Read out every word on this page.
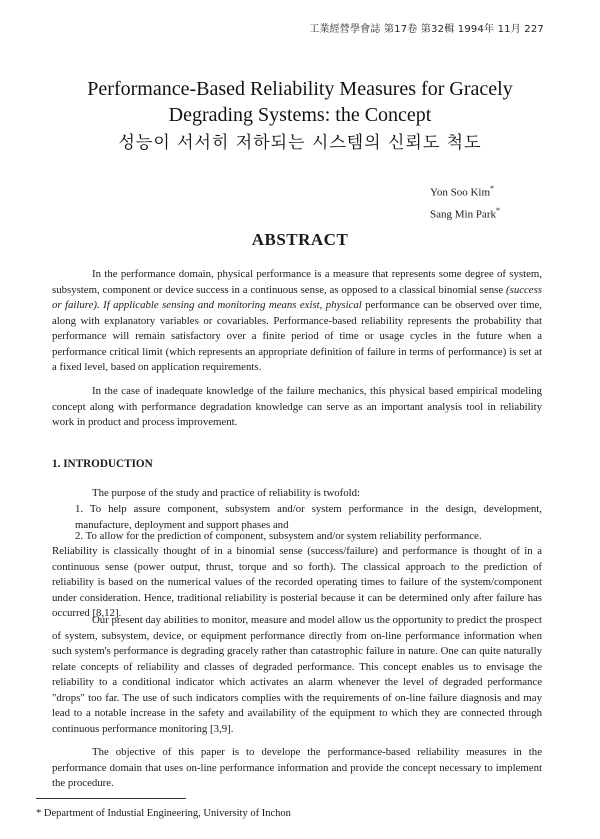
工業經營學會誌 第17卷 第32輯 1994年 11月 227
Performance-Based Reliability Measures for Gracely
Degrading Systems: the Concept
성능이 서서히 저하되는 시스템의 신뢰도 척도
Yon Soo Kim*
Sang Min Park*
ABSTRACT
In the performance domain, physical performance is a measure that represents some degree of system, subsystem, component or device success in a continuous sense, as opposed to a classical binomial sense (success or failure). If applicable sensing and monitoring means exist, physical performance can be observed over time, along with explanatory variables or covariables. Performance-based reliability represents the probability that performance will remain satisfactory over a finite period of time or usage cycles in the future when a performance critical limit (which represents an appropriate definition of failure in terms of performance) is set at a fixed level, based on application requirements.
In the case of inadequate knowledge of the failure mechanics, this physical based empirical modeling concept along with performance degradation knowledge can serve as an important analysis tool in reliability work in product and process improvement.
1. INTRODUCTION
The purpose of the study and practice of reliability is twofold:
1. To help assure component, subsystem and/or system performance in the design, development, manufacture, deployment and support phases and
2. To allow for the prediction of component, subsystem and/or system reliability performance.
Reliability is classically thought of in a binomial sense (success/failure) and performance is thought of in a continuous sense (power output, thrust, torque and so forth). The classical approach to the prediction of reliability is based on the numerical values of the recorded operating times to failure of the system/component under consideration. Hence, traditional reliability is posterial because it can be determined only after failure has occurred [8,12].
Our present day abilities to monitor, measure and model allow us the opportunity to predict the prospect of system, subsystem, device, or equipment performance directly from on-line performance information when such system's performance is degrading gracely rather than catastrophic failure in nature. One can quite naturally relate concepts of reliability and classes of degraded performance. This concept enables us to envisage the reliability to a conditional indicator which activates an alarm whenever the level of degraded performance "drops" too far. The use of such indicators complies with the requirements of on-line failure diagnosis and may lead to a notable increase in the safety and availability of the equipment to which they are connected through continuous performance monitoring [3,9].
The objective of this paper is to develope the performance-based reliability measures in the performance domain that uses on-line performance information and provide the concept necessary to implement the procedure.
* Department of Industial Engineering, University of Inchon
